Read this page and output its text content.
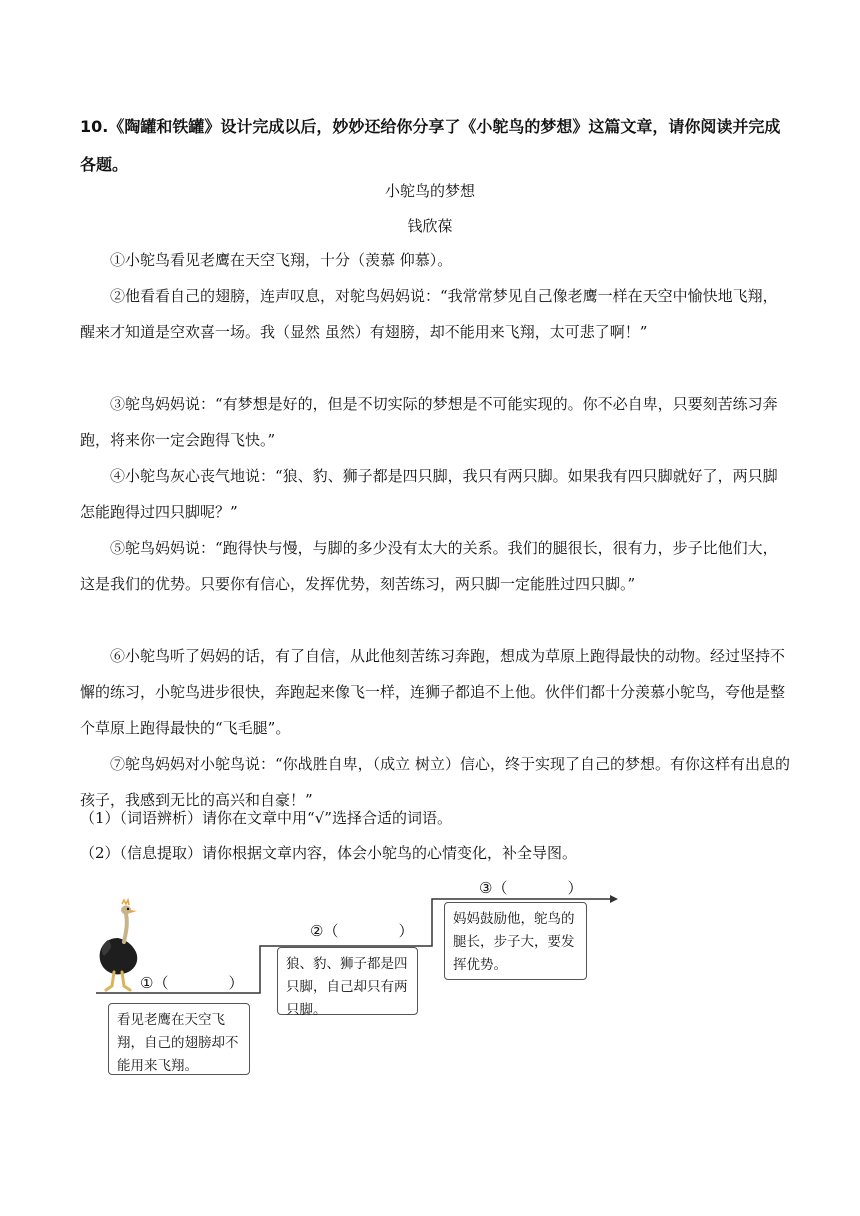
10.《陶罐和铁罐》设计完成以后，妙妙还给你分享了《小鸵鸟的梦想》这篇文章，请你阅读并完成各题。
小鸵鸟的梦想
钱欣葆

①小鸵鸟看见老鹰在天空飞翔，十分（羡慕 仰慕）。

②他看看自己的翅膀，连声叹息，对鸵鸟妈妈说：“我常常梦见自己像老鹰一样在天空中愉快地飞翔，醒来才知道是空欢喜一场。我（显然 虽然）有翅膀，却不能用来飞翔，太可悲了啊！”

③鸵鸟妈妈说：“有梦想是好的，但是不切实际的梦想是不可能实现的。你不必自卑，只要刻苦练习奔跑，将来你一定会跑得飞快。”

④小鸵鸟灰心丧气地说：“狼、豹、狮子都是四只脚，我只有两只脚。如果我有四只脚就好了，两只脚怎能跑得过四只脚呢？”

⑤鸵鸟妈妈说：“跑得快与慢，与脚的多少没有太大的关系。我们的腿很长，很有力，步子比他们大，这是我们的优势。只要你有信心，发挥优势，刻苦练习，两只脚一定能胜过四只脚。”

⑥小鸵鸟听了妈妈的话，有了自信，从此他刻苦练习奔跑，想成为草原上跑得最快的动物。经过坚持不懈的练习，小鸵鸟进步很快，奔跑起来像飞一样，连狮子都追不上他。伙伴们都十分羡慕小鸵鸟，夸他是整个草原上跑得最快的“飞毛腿”。

⑦鸵鸟妈妈对小鸵鸟说：“你战胜自卑，（成立 树立）信心，终于实现了自己的梦想。有你这样有出息的孩子，我感到无比的高兴和自豪！”

（1）（词语辨析）请你在文章中用“√”选择合适的词语。
（2）（信息提取）请你根据文章内容，体会小鸵鸟的心情变化，补全导图。
①（　　　　）
②（　　　　）
③（　　　　）
看见老鹰在天空飞翔，自己的翅膀却不能用来飞翔。
狼、豹、狮子都是四只脚，自己却只有两只脚。
妈妈鼓励他，鸵鸟的腿长，步子大，要发挥优势。
